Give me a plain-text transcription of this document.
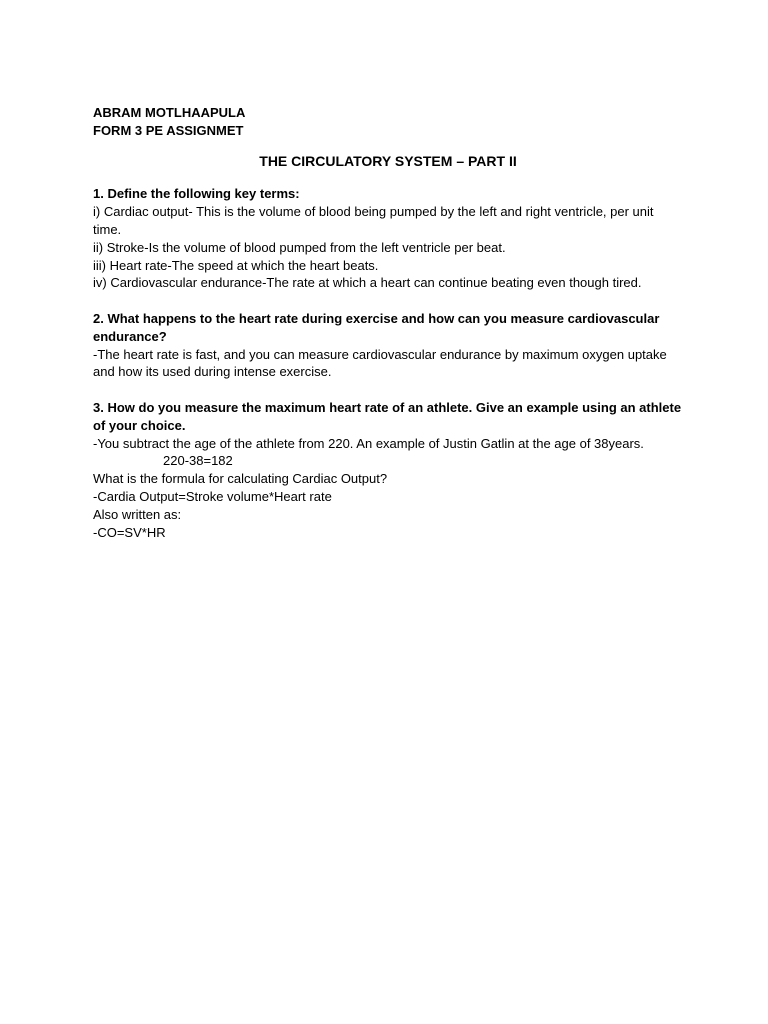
ABRAM MOTLHAAPULA
FORM 3 PE ASSIGNMET
THE CIRCULATORY SYSTEM – PART II
1. Define the following key terms:
i) Cardiac output- This is the volume of blood being pumped by the left and right ventricle, per unit time.
ii) Stroke-Is the volume of blood pumped from the left ventricle per beat.
iii) Heart rate-The speed at which the heart beats.
iv) Cardiovascular endurance-The rate at which a heart can continue beating even though tired.
2. What happens to the heart rate during exercise and how can you measure cardiovascular endurance?
-The heart rate is fast, and you can measure cardiovascular endurance by maximum oxygen uptake and how its used during intense exercise.
3. How do you measure the maximum heart rate of an athlete. Give an example using an athlete of your choice.
-You subtract the age of the athlete from 220. An example of Justin Gatlin at the age of 38years.
220-38=182
What is the formula for calculating Cardiac Output?
-Cardia Output=Stroke volume*Heart rate
Also written as:
-CO=SV*HR
